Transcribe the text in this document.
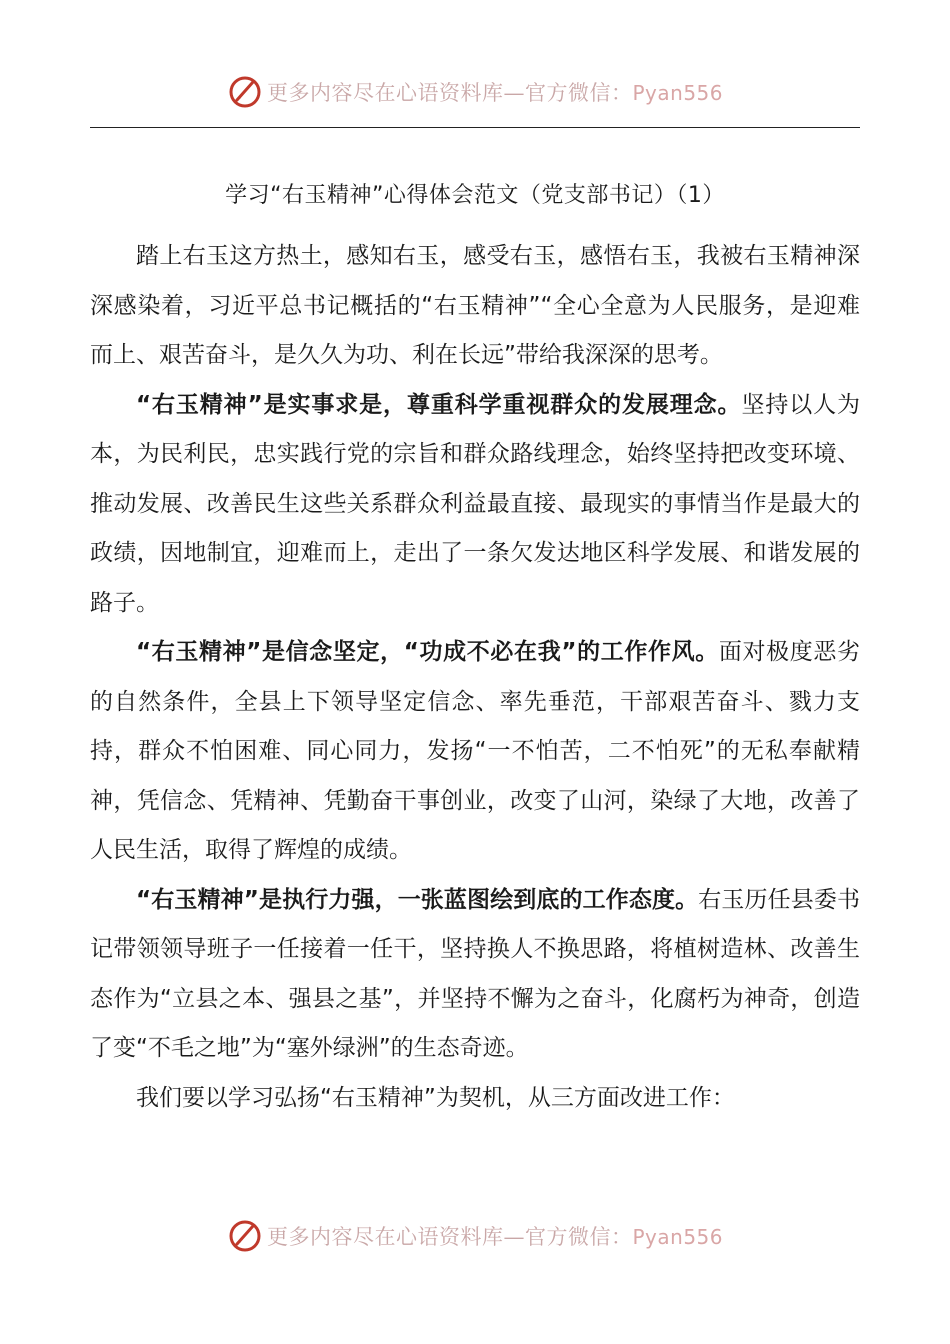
更多内容尽在心语资料库—官方微信：Pyan556
学习“右玉精神”心得体会范文（党支部书记）（1）

踏上右玉这方热土，感知右玉，感受右玉，感悟右玉，我被右玉精神深深感染着，习近平总书记概括的“右玉精神”“全心全意为人民服务，是迎难而上、艰苦奋斗，是久久为功、利在长远”带给我深深的思考。

“右玉精神”是实事求是，尊重科学重视群众的发展理念。坚持以人为本，为民利民，忠实践行党的宗旨和群众路线理念，始终坚持把改变环境、推动发展、改善民生这些关系群众利益最直接、最现实的事情当作是最大的政绩，因地制宜，迎难而上，走出了一条欠发达地区科学发展、和谐发展的路子。

“右玉精神”是信念坚定，“功成不必在我”的工作作风。面对极度恶劣的自然条件，全县上下领导坚定信念、率先垂范，干部艰苦奋斗、戮力支持，群众不怕困难、同心同力，发扬“一不怕苦，二不怕死”的无私奉献精神，凭信念、凭精神、凭勤奋干事创业，改变了山河，染绿了大地，改善了人民生活，取得了辉煌的成绩。

“右玉精神”是执行力强，一张蓝图绘到底的工作态度。右玉历任县委书记带领领导班子一任接着一任干，坚持换人不换思路，将植树造林、改善生态作为“立县之本、强县之基”，并坚持不懈为之奋斗，化腐朽为神奇，创造了变“不毛之地”为“塞外绿洲”的生态奇迹。

我们要以学习弘扬“右玉精神”为契机，从三方面改进工作：

更多内容尽在心语资料库—官方微信：Pyan556
